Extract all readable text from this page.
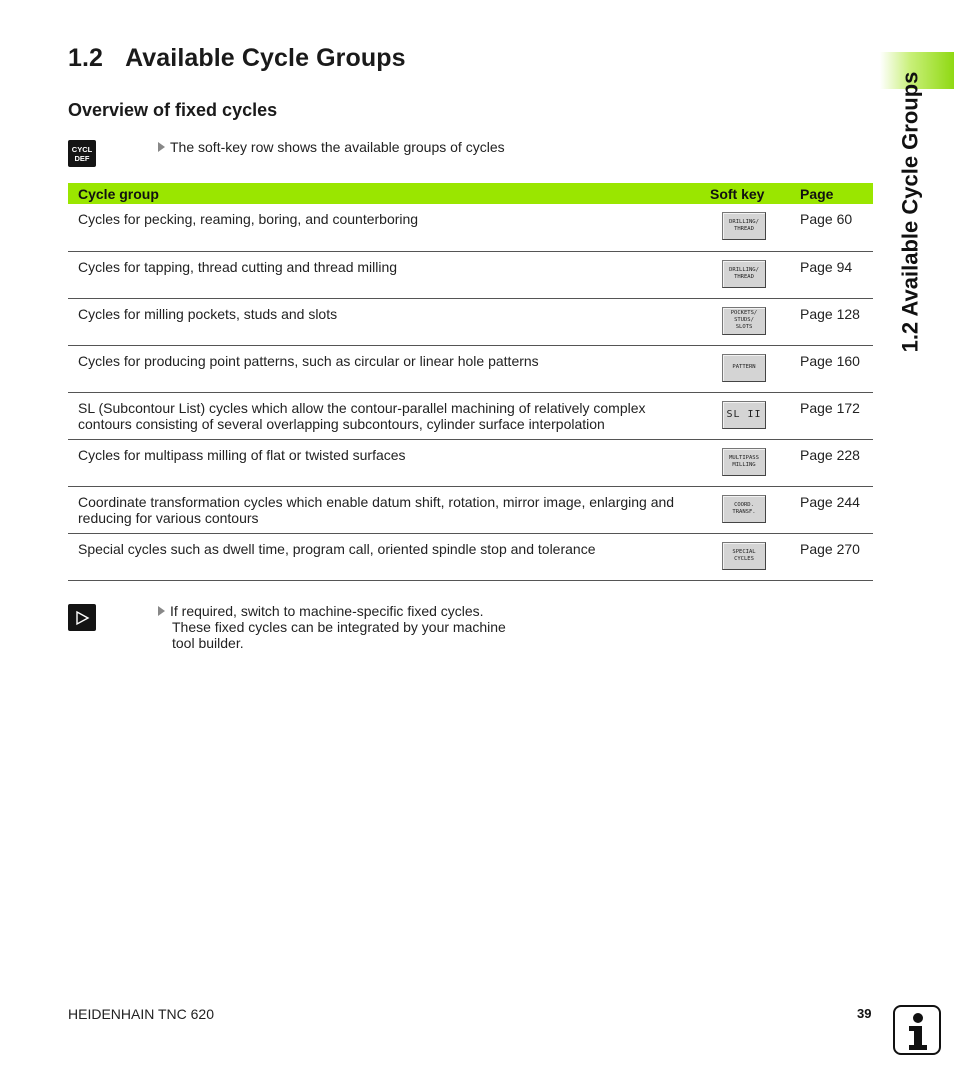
1.2 Available Cycle Groups
Overview of fixed cycles
CYCL
DEF
The soft-key row shows the available groups of cycles
Cycle group	Soft key	Page
Cycles for pecking, reaming, boring, and counterboring	DRILLING/
THREAD	Page 60
Cycles for tapping, thread cutting and thread milling	DRILLING/
THREAD	Page 94
Cycles for milling pockets, studs and slots	POCKETS/
STUDS/
SLOTS	Page 128
Cycles for producing point patterns, such as circular or linear hole patterns	PATTERN	Page 160
SL (Subcontour List) cycles which allow the contour-parallel machining of relatively complex contours consisting of several overlapping subcontours, cylinder surface interpolation	SL II	Page 172
Cycles for multipass milling of flat or twisted surfaces	MULTIPASS
MILLING	Page 228
Coordinate transformation cycles which enable datum shift, rotation, mirror image, enlarging and reducing for various contours	COORD.
TRANSF.	Page 244
Special cycles such as dwell time, program call, oriented spindle stop and tolerance	SPECIAL
CYCLES	Page 270
If required, switch to machine-specific fixed cycles.
These fixed cycles can be integrated by your machine
tool builder.
1.2 Available Cycle Groups
HEIDENHAIN TNC 620	39
